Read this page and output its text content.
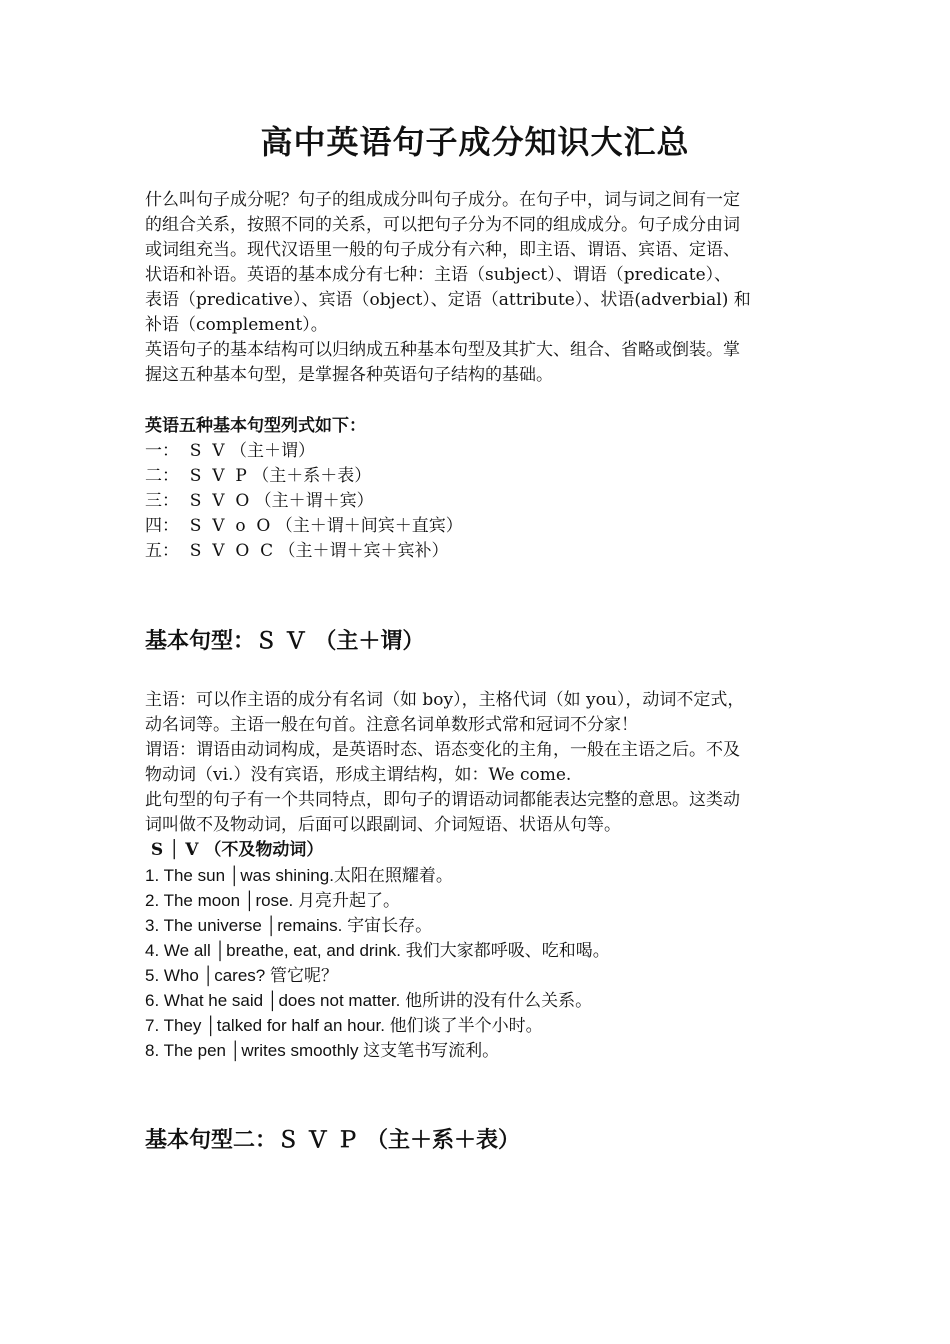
高中英语句子成分知识大汇总

什么叫句子成分呢？句子的组成成分叫句子成分。在句子中，词与词之间有一定

的组合关系，按照不同的关系，可以把句子分为不同的组成成分。句子成分由词

或词组充当。现代汉语里一般的句子成分有六种，即主语、谓语、宾语、定语、

状语和补语。英语的基本成分有七种：主语（subject）、谓语（predicate）、

表语（predicative）、宾语（object）、定语（attribute）、状语(adverbial) 和

补语（complement）。

英语句子的基本结构可以归纳成五种基本句型及其扩大、组合、省略或倒装。掌

握这五种基本句型，是掌握各种英语句子结构的基础。

英语五种基本句型列式如下：

一：  S  V （主＋谓）

二：  S  V  P （主＋系＋表）

三：  S  V  O （主＋谓＋宾）

四：  S  V  o  O （主＋谓＋间宾＋直宾）

五：  S  V  O  C （主＋谓＋宾＋宾补）

基本句型：Ｓ Ｖ （主＋谓）

主语：可以作主语的成分有名词（如 boy），主格代词（如 you），动词不定式，

动名词等。主语一般在句首。注意名词单数形式常和冠词不分家！

谓语：谓语由动词构成，是英语时态、语态变化的主角，一般在主语之后。不及

物动词（vi.）没有宾语，形成主谓结构，如：We come.

此句型的句子有一个共同特点，即句子的谓语动词都能表达完整的意思。这类动

词叫做不及物动词，后面可以跟副词、介词短语、状语从句等。

S │ V （不及物动词）

1. The sun │was shining.太阳在照耀着。

2. The moon │rose. 月亮升起了。

3. The universe │remains. 宇宙长存。

4. We all │breathe, eat, and drink. 我们大家都呼吸、吃和喝。

5. Who │cares? 管它呢？

6. What he said │does not matter. 他所讲的没有什么关系。

7. They │talked for half an hour. 他们谈了半个小时。

8. The pen │writes smoothly 这支笔书写流利。

基本句型二：Ｓ Ｖ Ｐ （主＋系＋表）
